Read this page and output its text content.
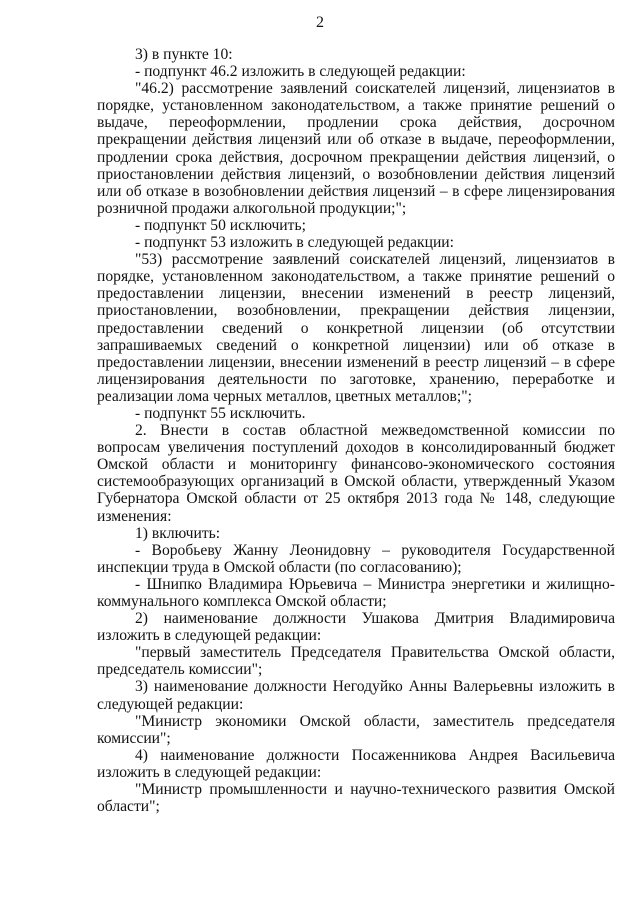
2

3) в пункте 10:

- подпункт 46.2 изложить в следующей редакции:

"46.2) рассмотрение заявлений соискателей лицензий, лицензиатов в порядке, установленном законодательством, а также принятие решений о выдаче, переоформлении, продлении срока действия, досрочном прекращении действия лицензий или об отказе в выдаче, переоформлении, продлении срока действия, досрочном прекращении действия лицензий, о приостановлении действия лицензий, о возобновлении действия лицензий или об отказе в возобновлении действия лицензий – в сфере лицензирования розничной продажи алкогольной продукции;";

- подпункт 50 исключить;

- подпункт 53 изложить в следующей редакции:

"53) рассмотрение заявлений соискателей лицензий, лицензиатов в порядке, установленном законодательством, а также принятие решений о предоставлении лицензии, внесении изменений в реестр лицензий, приостановлении, возобновлении, прекращении действия лицензии, предоставлении сведений о конкретной лицензии (об отсутствии запрашиваемых сведений о конкретной лицензии) или об отказе в предоставлении лицензии, внесении изменений в реестр лицензий – в сфере лицензирования деятельности по заготовке, хранению, переработке и реализации лома черных металлов, цветных металлов;";

- подпункт 55 исключить.

2. Внести в состав областной межведомственной комиссии по вопросам увеличения поступлений доходов в консолидированный бюджет Омской области и мониторингу финансово-экономического состояния системообразующих организаций в Омской области, утвержденный Указом Губернатора Омской области от 25 октября 2013 года № 148, следующие изменения:

1) включить:

- Воробьеву Жанну Леонидовну – руководителя Государственной инспекции труда в Омской области (по согласованию);

- Шнипко Владимира Юрьевича – Министра энергетики и жилищно-коммунального комплекса Омской области;

2) наименование должности Ушакова Дмитрия Владимировича изложить в следующей редакции:

"первый заместитель Председателя Правительства Омской области, председатель комиссии";

3) наименование должности Негодуйко Анны Валерьевны изложить в следующей редакции:

"Министр экономики Омской области, заместитель председателя комиссии";

4) наименование должности Посаженникова Андрея Васильевича изложить в следующей редакции:

"Министр промышленности и научно-технического развития Омской области";
